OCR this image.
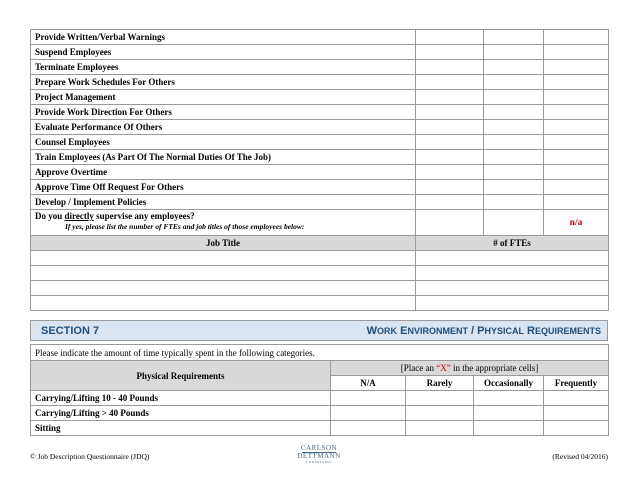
Provide Written/Verbal Warnings			
Suspend Employees			
Terminate Employees			
Prepare Work Schedules For Others			
Project Management			
Provide Work Direction For Others			
Evaluate Performance Of Others			
Counsel Employees			
Train Employees (As Part Of The Normal Duties Of The Job)			
Approve Overtime			
Approve Time Off Request For Others			
Develop / Implement Policies			
Do you directly supervise any employees?
If yes, please list the number of FTEs and job titles of those employees below:			n/a
Job Title	# of FTEs		

SECTION 7	WORK ENVIRONMENT / PHYSICAL REQUIREMENTS
Please indicate the amount of time typically spent in the following categories.				
Physical Requirements	[Place an “X” in the appropriate cells]			
	N/A	Rarely	Occasionally	Frequently
Carrying/Lifting 10 - 40 Pounds				
Carrying/Lifting > 40 Pounds				
Sitting				
© Job Description Questionnaire (JDQ)
CARLSON
DETTMANN
CONSULTING
(Revised 04/2016)
